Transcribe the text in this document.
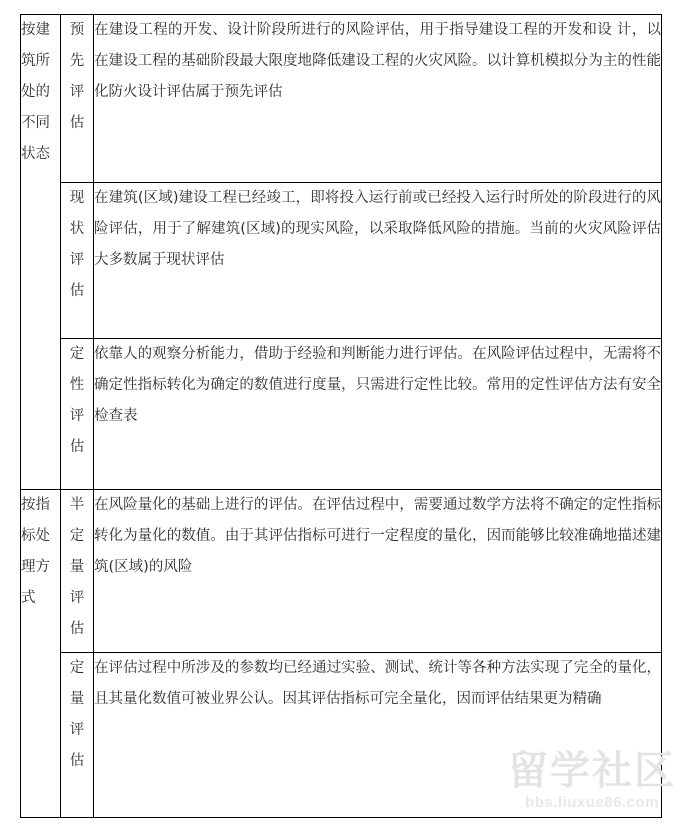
按建筑所处的不同状态	预先评估	在建设工程的开发、设计阶段所进行的风险评估，用于指导建设工程的开发和设 计，以在建设工程的基础阶段最大限度地降低建设工程的火灾风险。以计算机模拟分为主的性能化防火设计评估属于预先评估

	现状评估	在建筑(区域)建设工程已经竣工，即将投入运行前或已经投入运行时所处的阶段进行的风险评估，用于了解建筑(区域)的现实风险，以采取降低风险的措施。当前的火灾风险评估大多数属于现状评估

	定性评估	依靠人的观察分析能力，借助于经验和判断能力进行评估。在风险评估过程中，无需将不确定性指标转化为确定的数值进行度量，只需进行定性比较。常用的定性评估方法有安全检查表

按指标处理方式	半定量评估	在风险量化的基础上进行的评估。在评估过程中，需要通过数学方法将不确定的定性指标转化为量化的数值。由于其评估指标可进行一定程度的量化，因而能够比较准确地描述建筑(区域)的风险

	定量评估	在评估过程中所涉及的参数均已经通过实验、测试、统计等各种方法实现了完全的量化，且其量化数值可被业界公认。因其评估指标可完全量化，因而评估结果更为精确
留学社区
bbs.liuxue86.com
